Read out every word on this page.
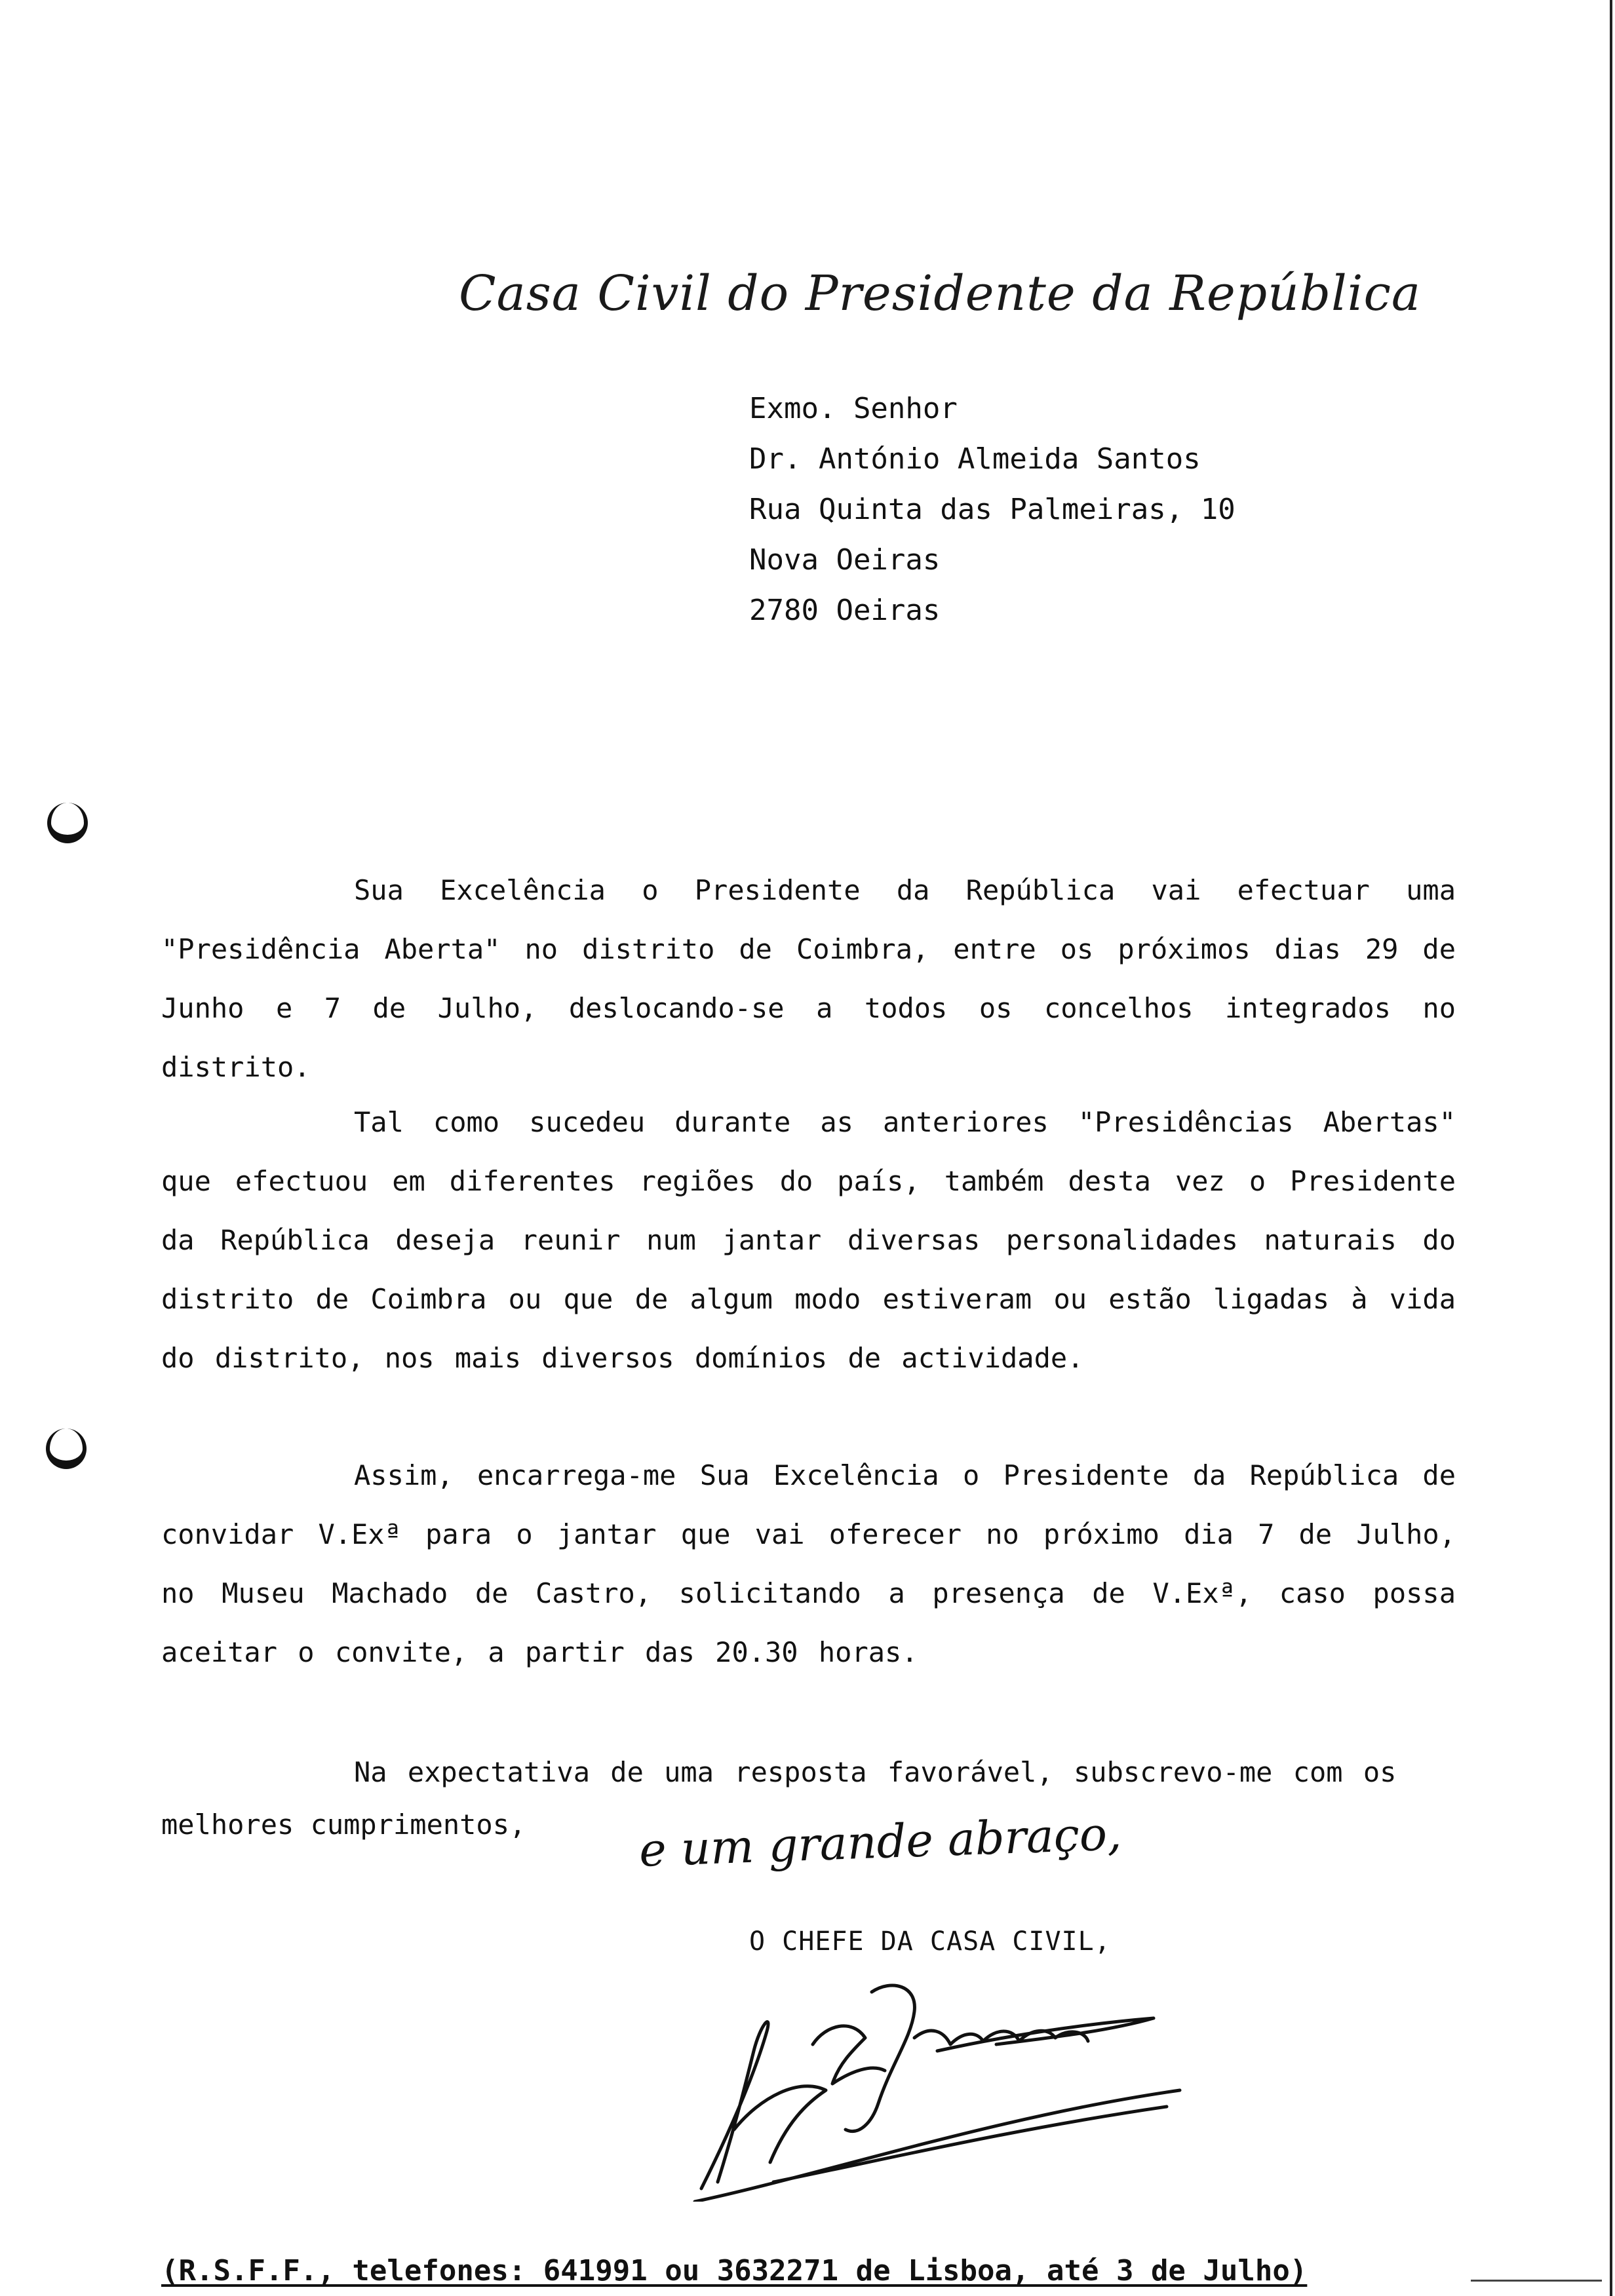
Casa Civil do Presidente da República
Exmo. Senhor
Dr. António Almeida Santos
Rua Quinta das Palmeiras, 10
Nova Oeiras
2780 Oeiras
Sua Excelência o Presidente da República vai efectuar uma "Presidência Aberta" no distrito de Coimbra, entre os próximos dias 29 de Junho e 7 de Julho, deslocando-se a todos os concelhos integrados no distrito.
Tal como sucedeu durante as anteriores "Presidências Abertas" que efectuou em diferentes regiões do país, também desta vez o Presidente da República deseja reunir num jantar diversas personalidades naturais do distrito de Coimbra ou que de algum modo estiveram ou estão ligadas à vida do distrito, nos mais diversos domínios de actividade.
Assim, encarrega-me Sua Excelência o Presidente da República de convidar V.Exª para o jantar que vai oferecer no próximo dia 7 de Julho, no Museu Machado de Castro, solicitando a presença de V.Exª, caso possa aceitar o convite, a partir das 20.30 horas.
Na expectativa de uma resposta favorável, subscrevo-me com os
melhores cumprimentos, e um grande abraço,
O CHEFE DA CASA CIVIL,
(R.S.F.F., telefones: 641991 ou 3632271 de Lisboa, até 3 de Julho)
